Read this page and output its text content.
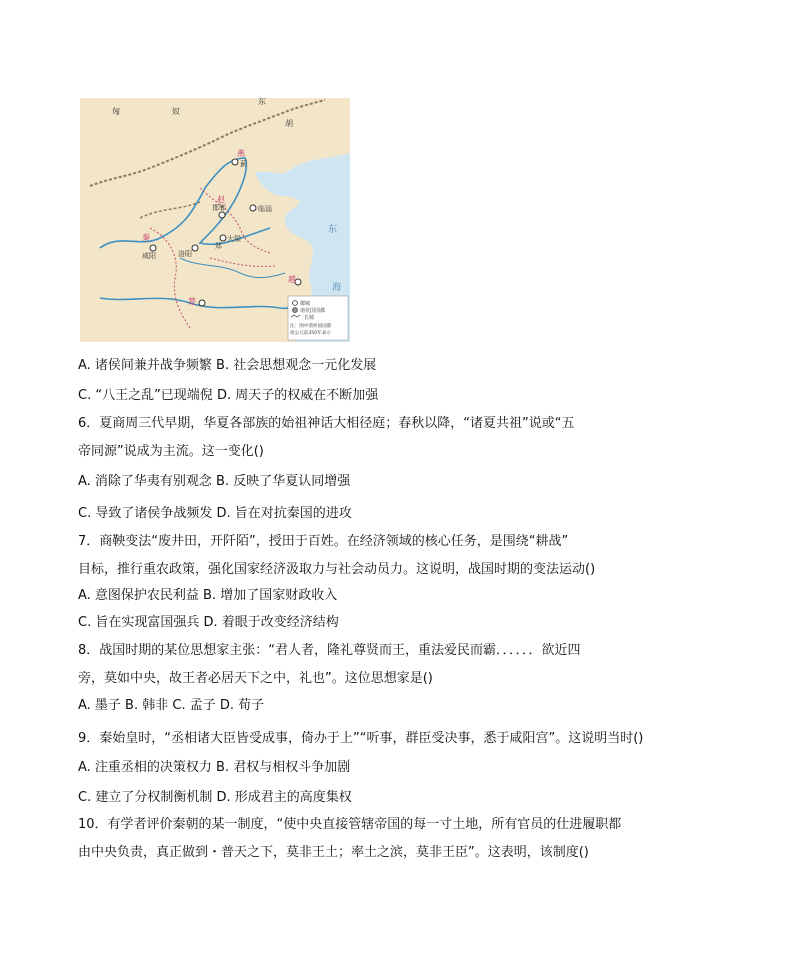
匈	奴
东
胡
燕
蓟
赵
邯郸	临淄
秦
咸阳	洛阳
大梁
郑
东
海
越
楚	都城
诸侯国国都
长城
注：图中诸侯国国都
指公元前350年表示
A. 诸侯间兼并战争频繁 B. 社会思想观念一元化发展
C. “八王之乱”已现端倪 D. 周天子的权威在不断加强
6．夏商周三代早期，华夏各部族的始祖神话大相径庭；春秋以降，“诸夏共祖”说或“五
帝同源”说成为主流。这一变化()
A. 消除了华夷有别观念 B. 反映了华夏认同增强
C. 导致了诸侯争战频发 D. 旨在对抗秦国的进攻
7．商鞅变法“废井田，开阡陌”，授田于百姓。在经济领域的核心任务，是围绕“耕战”
目标，推行重农政策，强化国家经济汲取力与社会动员力。这说明，战国时期的变法运动()
A. 意图保护农民利益 B. 增加了国家财政收入
C. 旨在实现富国强兵 D. 着眼于改变经济结构
8．战国时期的某位思想家主张：“君人者，隆礼尊贤而王，重法爱民而霸．．．．．．欲近四
旁，莫如中央，故王者必居天下之中，礼也”。这位思想家是()
A. 墨子 B. 韩非 C. 孟子 D. 荀子
9．秦始皇时，“丞相诸大臣皆受成事，倚办于上”“听事，群臣受决事，悉于咸阳宫”。这说明当时()
A. 注重丞相的决策权力 B. 君权与相权斗争加剧
C. 建立了分权制衡机制 D. 形成君主的高度集权
10．有学者评价秦朝的某一制度，“使中央直接管辖帝国的每一寸土地，所有官员的仕进履职都
由中央负责，真正做到・普天之下，莫非王土；率土之滨，莫非王臣”。这表明，该制度()
